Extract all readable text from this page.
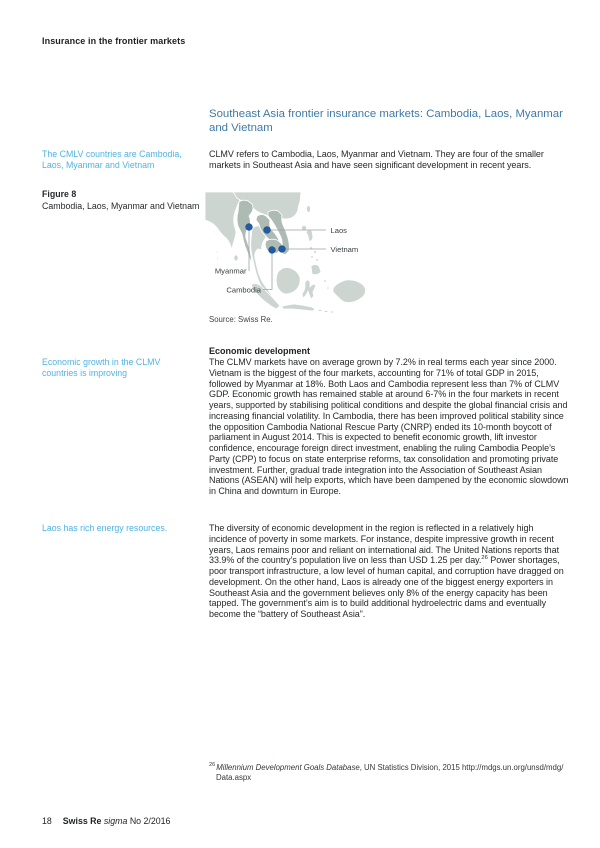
Insurance in the frontier markets
Southeast Asia frontier insurance markets: Cambodia, Laos, Myanmar and Vietnam
The CMLV countries are Cambodia, Laos, Myanmar and Vietnam
CLMV refers to Cambodia, Laos, Myanmar and Vietnam. They are four of the smaller markets in Southeast Asia and have seen significant development in recent years.
Figure 8
Cambodia, Laos, Myanmar and Vietnam
Laos
Vietnam
Myanmar
Cambodia
Source: Swiss Re.
Economic development
Economic growth in the CLMV countries is improving
The CLMV markets have on average grown by 7.2% in real terms each year since 2000. Vietnam is the biggest of the four markets, accounting for 71% of total GDP in 2015, followed by Myanmar at 18%. Both Laos and Cambodia represent less than 7% of CLMV GDP. Economic growth has remained stable at around 6-7% in the four markets in recent years, supported by stabilising political conditions and despite the global financial crisis and increasing financial volatility. In Cambodia, there has been improved political stability since the opposition Cambodia National Rescue Party (CNRP) ended its 10-month boycott of parliament in August 2014. This is expected to benefit economic growth, lift investor confidence, encourage foreign direct investment, enabling the ruling Cambodia People’s Party (CPP) to focus on state enterprise reforms, tax consolidation and promoting private investment. Further, gradual trade integration into the Association of Southeast Asian Nations (ASEAN) will help exports, which have been dampened by the economic slowdown in China and downturn in Europe.
Laos has rich energy resources.	The diversity of economic development in the region is reflected in a relatively high incidence of poverty in some markets. For instance, despite impressive growth in recent years, Laos remains poor and reliant on international aid. The United Nations reports that 33.9% of the country’s population live on less than USD 1.25 per day.$^{26}$ Power shortages, poor transport infrastructure, a low level of human capital, and corruption have dragged on development. On the other hand, Laos is already one of the biggest energy exporters in Southeast Asia and the government believes only 8% of the energy capacity has been tapped. The government’s aim is to build additional hydroelectric dams and eventually become the “battery of Southeast Asia”.
$^{26}$Millennium Development Goals Database, UN Statistics Division, 2015 http://mdgs.un.org/unsd/mdg/
Data.aspx
18 Swiss Re sigma No 2/2016
